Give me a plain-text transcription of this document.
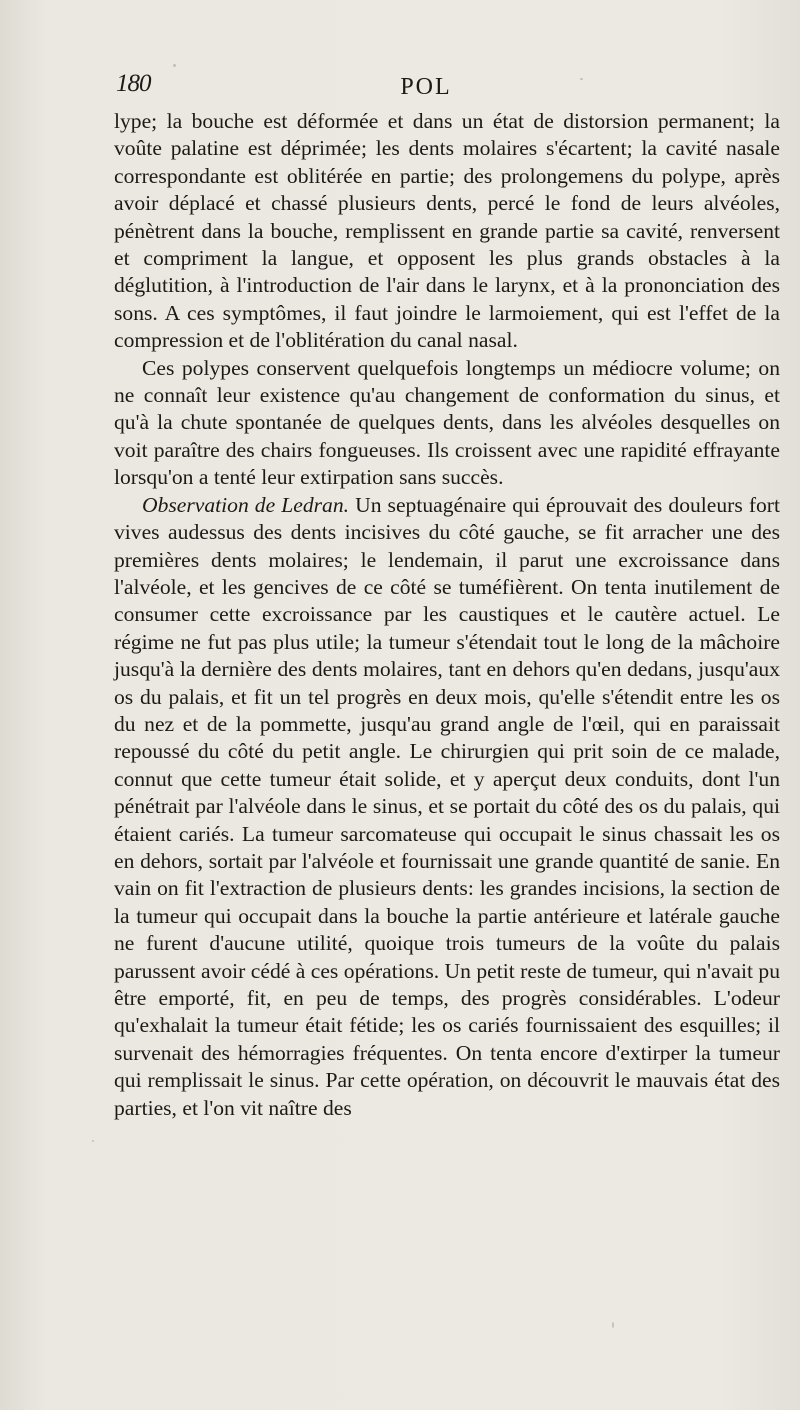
180	POL

lype; la bouche est déformée et dans un état de distorsion permanent; la voûte palatine est déprimée; les dents molaires s'écartent; la cavité nasale correspondante est oblitérée en partie; des prolongemens du polype, après avoir déplacé et chassé plusieurs dents, percé le fond de leurs alvéoles, pénètrent dans la bouche, remplissent en grande partie sa cavité, renversent et compriment la langue, et opposent les plus grands obstacles à la déglutition, à l'introduction de l'air dans le larynx, et à la prononciation des sons. A ces symptômes, il faut joindre le larmoiement, qui est l'effet de la compression et de l'oblitération du canal nasal.

Ces polypes conservent quelquefois longtemps un médiocre volume; on ne connaît leur existence qu'au changement de conformation du sinus, et qu'à la chute spontanée de quelques dents, dans les alvéoles desquelles on voit paraître des chairs fongueuses. Ils croissent avec une rapidité effrayante lorsqu'on a tenté leur extirpation sans succès.

Observation de Ledran. Un septuagénaire qui éprouvait des douleurs fort vives audessus des dents incisives du côté gauche, se fit arracher une des premières dents molaires; le lendemain, il parut une excroissance dans l'alvéole, et les gencives de ce côté se tuméfièrent. On tenta inutilement de consumer cette excroissance par les caustiques et le cautère actuel. Le régime ne fut pas plus utile; la tumeur s'étendait tout le long de la mâchoire jusqu'à la dernière des dents molaires, tant en dehors qu'en dedans, jusqu'aux os du palais, et fit un tel progrès en deux mois, qu'elle s'étendit entre les os du nez et de la pommette, jusqu'au grand angle de l'œil, qui en paraissait repoussé du côté du petit angle. Le chirurgien qui prit soin de ce malade, connut que cette tumeur était solide, et y aperçut deux conduits, dont l'un pénétrait par l'alvéole dans le sinus, et se portait du côté des os du palais, qui étaient cariés. La tumeur sarcomateuse qui occupait le sinus chassait les os en dehors, sortait par l'alvéole et fournissait une grande quantité de sanie. En vain on fit l'extraction de plusieurs dents: les grandes incisions, la section de la tumeur qui occupait dans la bouche la partie antérieure et latérale gauche ne furent d'aucune utilité, quoique trois tumeurs de la voûte du palais parussent avoir cédé à ces opérations. Un petit reste de tumeur, qui n'avait pu être emporté, fit, en peu de temps, des progrès considérables. L'odeur qu'exhalait la tumeur était fétide; les os cariés fournissaient des esquilles; il survenait des hémorragies fréquentes. On tenta encore d'extirper la tumeur qui remplissait le sinus. Par cette opération, on découvrit le mauvais état des parties, et l'on vit naître des
